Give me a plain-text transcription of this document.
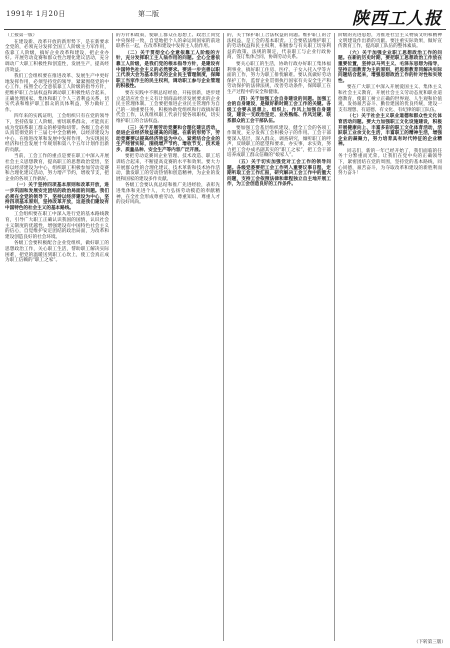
1991年 1月20日	第二版	陕西工人报

（上接第一版）

在建设新、改革开放的新形势下，是在新要求全党的，必须充分发挥全国工人阶级主力军作用，依靠工人阶级，搞好企业改革和建设，把企业办好。开展劳动竞赛和群众性合理化建议活动，充分调动广大职工积极性和创造性，发展生产，提高经济效益。

我们工会组织要在推进改革、发展生产中更好地发挥作用，必须坚持党的领导，紧紧围绕党的中心工作，按照全心全意依靠工人阶级的指导方针，把维护职工合法权益和调动职工积极性结合起来，正确处理国家、集体和职工个人三者利益关系，切实代表和维护职工群众的具体利益，努力做好工作。

四年来的实践证明，工会组织只有在党的领导下，坚持依靠工人阶级，密切联系群众，才能真正成为党联系职工群众的桥梁和纽带。各级工会必须认真贯彻党的十三届七中全会精神，以经济建设为中心，在推进改革和发展中发挥作用，为实现国民经济和社会发展十年规划和第八个五年计划作出新的贡献。

当前，工会工作的重点是要在职工中深入开展社会主义思想教育，提高职工的思想政治觉悟，坚持以经济建设为中心，组织职工积极参加劳动竞赛和合理化建议活动，努力增产节约，增收节支，把企业的各项工作搞好。

（一）关于坚持四项基本原则和改革开放，进一步巩固和发展安定团结的政治局面的问题。我们必须在全党的领导下，坚持以经济建设为中心，坚持四项基本原则，坚持改革开放，这是我们建设有中国特色的社会主义的基本路线。

工会组织要在职工中深入进行党的基本路线教育，引导广大职工正确认识我国的国情，认识社会主义制度的优越性，增强建设有中国特色社会主义的信心，自觉维护安定团结的政治局面，为改革和建设创造良好的社会环境。

各级工会要积极配合企业党组织，做好职工的思想政治工作，关心职工生活，帮助职工解决实际困难，把党的温暖送到职工心坎上，使工会真正成为职工信赖的“职工之家”。

的方针和政策，使职工群众在思想上、政治上同党中央保持一致，自觉地把个人的命运同国家的前途联系在一起，在改革和建设中发挥主人翁作用。

（二）关于贯彻全心全意依靠工人阶级的方针，充分发挥职工主人翁作用的问题。全心全意依靠工人阶级，是我们党的根本指导方针，是建设有中国特色社会主义的必然要求。要进一步完善以职工代表大会为基本形式的企业民主管理制度，保障职工当家作主的民主权利，调动职工参与企业管理的积极性。

要在实践中不断总结经验，开拓创新，逐步建立起适应社会主义有计划商品经济发展要求的企业民主管理体制。工会要把推进企业民主管理作为自己的一项重要任务，积极协助党组织和行政搞好职代会工作，认真组织职工代表行使各项职权，切实维护职工的合法权益。

（三）关于开展劳动竞赛和合理化建议活动，促进企业经济效益提高的问题。在新的形势下，劳动竞赛要以提高经济效益为中心，紧密结合企业的生产经营实际，围绕增产节约、增收节支、技术进步、质量品种、安全生产等内容广泛开展。

要把劳动竞赛同企业管理、技术改造、职工培训结合起来，不断提高竞赛的水平和效果。要大力开展群众性的合理化建议、技术革新和技术协作活动，激发职工的劳动热情和创造精神，为企业的发展和国家的建设多作贡献。

各级工会要认真总结和推广先进经验，表彰先进集体和先进个人，大力弘扬劳动模范的奉献精神，在全社会形成尊重劳动、尊重知识、尊重人才的良好风尚。

的，关于保护职工合法权益的问题。维护职工的合法权益，是工会的基本职责。工会要依法维护职工的劳动权益和民主权利，积极参与有关职工切身利益的政策、法规的制定，代表职工与企业行政协商，签订集体合同，协调劳动关系。

要关心职工的生活，协助行政办好职工集体福利事业，搞好职工住房、医疗、子女入托入学等方面的工作，努力为职工排忧解难。要认真做好劳动保护工作，监督企业贯彻执行国家有关安全生产和劳动保护的法律法规，改善劳动条件，保障职工在生产过程中的安全和健康。

（四）关于加强工会自身建设的问题。加强工会的自身建设，是做好新时期工会工作的关键。各级工会要从思想上、组织上、作风上加强自身建设，建设一支政治坚定、业务熟练、作风过硬、联系群众的工会干部队伍。

要加强工会基层组织建设，健全工会的各项工作制度，充分发挥工会积极分子的作用。工会干部要深入基层，深入群众，调查研究，倾听职工的呼声，反映职工的愿望和要求，办实事，求实效，努力把工会办成名副其实的“职工之家”，把工会干部培养成职工群众信赖的“娘家人”。

（五）关于切实加强党对工会工作的领导问题。各级党委要把工会工作列入重要议事日程，定期听取工会工作汇报，研究解决工会工作中的重大问题，支持工会依照法律和章程独立自主地开展工作，为工会创造良好的工作条件。

阶级的先进思想，为推进社会主义物质文明和精神文明建设作出新的贡献。要注重实际效果，做好宣传教育工作，提高职工队伍的整体素质。

（六）关于加强企业职工思想政治工作的问题。在新的历史时期，要把职工思想政治工作放在重要位置，坚持以马列主义、毛泽东思想为指导，坚持正面教育为主的原则，把思想教育同解决实际问题结合起来，增强思想政治工作的针对性和实效性。

要在广大职工中深入开展爱国主义、集体主义和社会主义教育，开展社会主义劳动态度和职业道德教育，使职工树立正确的世界观、人生观和价值观，发扬艰苦奋斗、勤俭建国的优良传统，建设一支有理想、有道德、有文化、有纪律的职工队伍。

（七）关于社会主义职业道德和群众性文化体育活动问题。要大力加强职工文化设施建设，积极开展健康向上、丰富多彩的职工文化体育活动，活跃职工业余文化生活，丰富职工的精神生活，增强企业的凝聚力，努力培育具有时代特征的企业精神。

同志们，新的一年已经开始了，我们面临的任务十分繁重而光荣。让我们在党中央的正确领导下，紧密团结在党的周围，坚持党的基本路线，同心同德，艰苦奋斗，为夺取改革和建设的新胜利而努力奋斗！

（下转第三版）
